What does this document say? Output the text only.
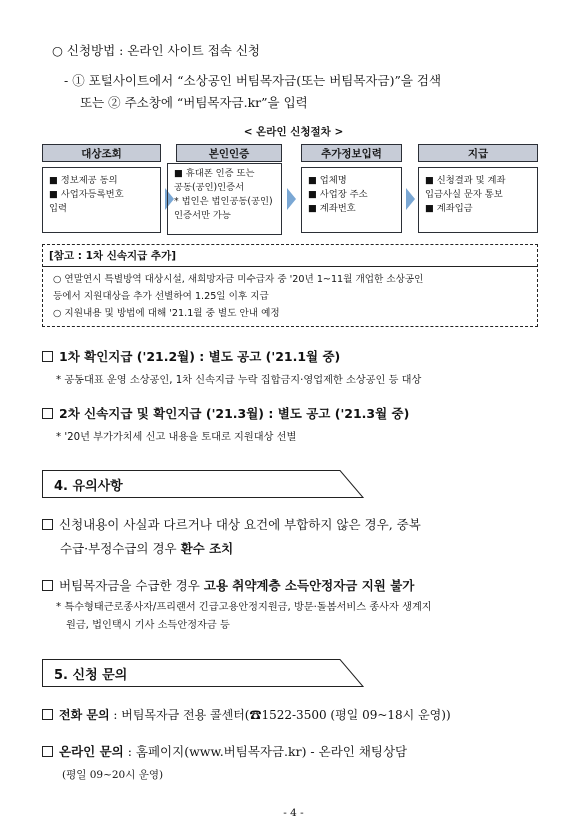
○ 신청방법 : 온라인 사이트 접속 신청
- ① 포털사이트에서 “소상공인 버팀목자금(또는 버팀목자금)”을 검색
또는 ② 주소창에 “버팀목자금.kr”을 입력
< 온라인 신청절차 >
대상조회
■ 정보제공 동의
■ 사업자등록번호
입력
본인인증
■ 휴대폰 인증 또는
공동(공인)인증서
* 법인은 법인공동(공인)
인증서만 가능
추가정보입력
■ 업체명
■ 사업장 주소
■ 계좌번호
지급
■ 신청결과 및 계좌
입금사실 문자 통보
■ 계좌입금
[참고 : 1차 신속지급 추가]
○ 연말연시 특별방역 대상시설, 새희망자금 미수급자 중 '20년 1~11월 개업한 소상공인
등에서 지원대상을 추가 선별하여 1.25일 이후 지급
○ 지원내용 및 방법에 대해 '21.1월 중 별도 안내 예정
1차 확인지급 ('21.2월) : 별도 공고 ('21.1월 중)
* 공동대표 운영 소상공인, 1차 신속지급 누락 집합금지·영업제한 소상공인 등 대상
2차 신속지급 및 확인지급 ('21.3월) : 별도 공고 ('21.3월 중)
* '20년 부가가치세 신고 내용을 토대로 지원대상 선별
4. 유의사항
신청내용이 사실과 다르거나 대상 요건에 부합하지 않은 경우, 중복
수급·부정수급의 경우 환수 조치
버팀목자금을 수급한 경우 고용 취약계층 소득안정자금 지원 불가
* 특수형태근로종사자/프리랜서 긴급고용안정지원금, 방문·돌봄서비스 종사자 생계지
원금, 법인택시 기사 소득안정자금 등
5. 신청 문의
전화 문의 : 버팀목자금 전용 콜센터(☎1522-3500 (평일 09~18시 운영))
온라인 문의 : 홈페이지(www.버팀목자금.kr) - 온라인 채팅상담
(평일 09~20시 운영)
- 4 -
